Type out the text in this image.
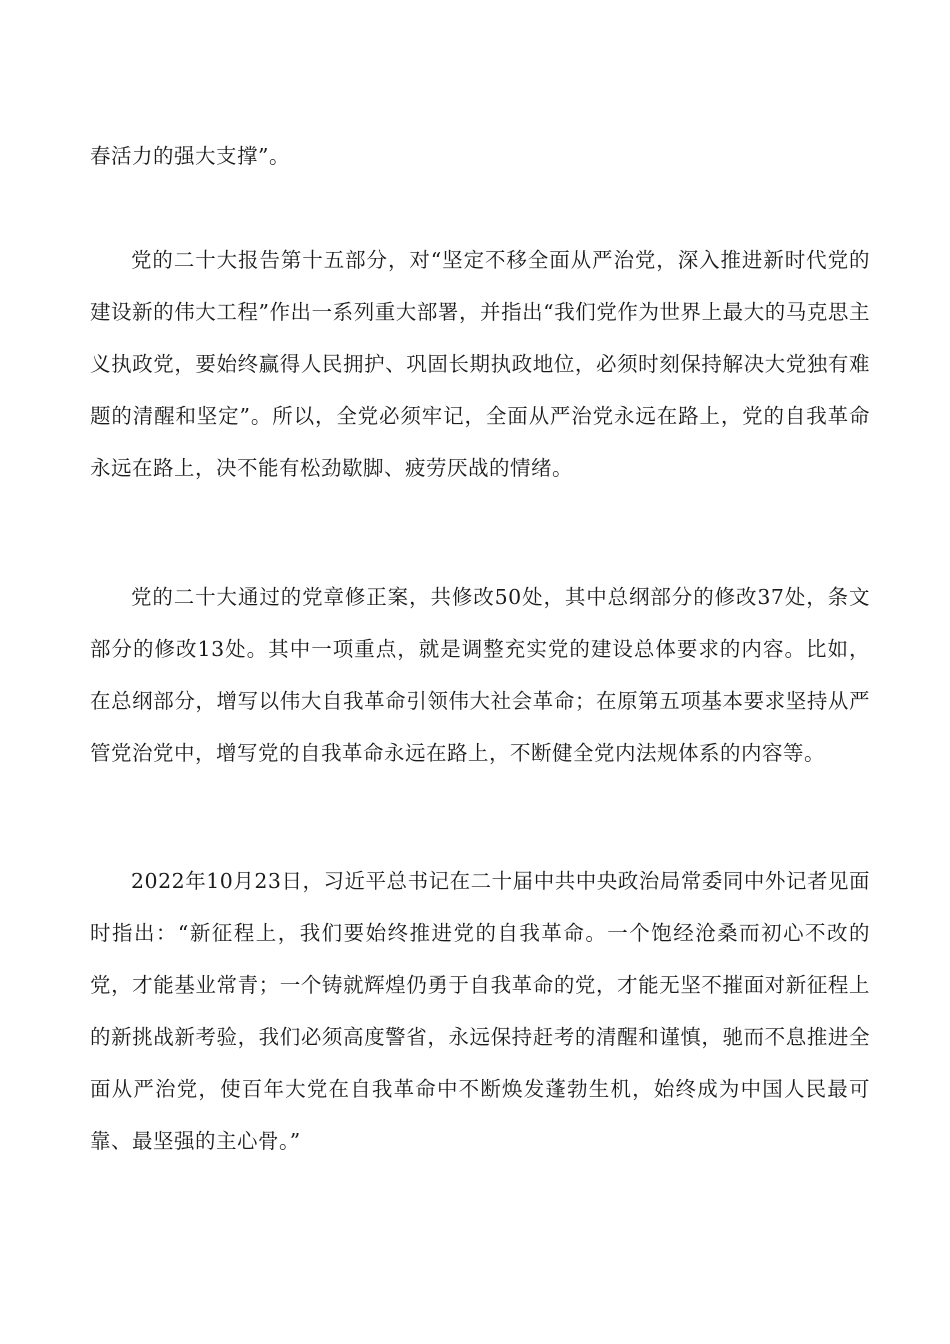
春活力的强大支撑”。

党的二十大报告第十五部分，对“坚定不移全面从严治党，深入推进新时代党的建设新的伟大工程”作出一系列重大部署，并指出“我们党作为世界上最大的马克思主义执政党，要始终赢得人民拥护、巩固长期执政地位，必须时刻保持解决大党独有难题的清醒和坚定”。所以，全党必须牢记，全面从严治党永远在路上，党的自我革命永远在路上，决不能有松劲歇脚、疲劳厌战的情绪。

党的二十大通过的党章修正案，共修改50处，其中总纲部分的修改37处，条文部分的修改13处。其中一项重点，就是调整充实党的建设总体要求的内容。比如，在总纲部分，增写以伟大自我革命引领伟大社会革命；在原第五项基本要求坚持从严管党治党中，增写党的自我革命永远在路上，不断健全党内法规体系的内容等。

2022年10月23日，习近平总书记在二十届中共中央政治局常委同中外记者见面时指出：“新征程上，我们要始终推进党的自我革命。一个饱经沧桑而初心不改的党，才能基业常青；一个铸就辉煌仍勇于自我革命的党，才能无坚不摧面对新征程上的新挑战新考验，我们必须高度警省，永远保持赶考的清醒和谨慎，驰而不息推进全面从严治党，使百年大党在自我革命中不断焕发蓬勃生机，始终成为中国人民最可靠、最坚强的主心骨。”
